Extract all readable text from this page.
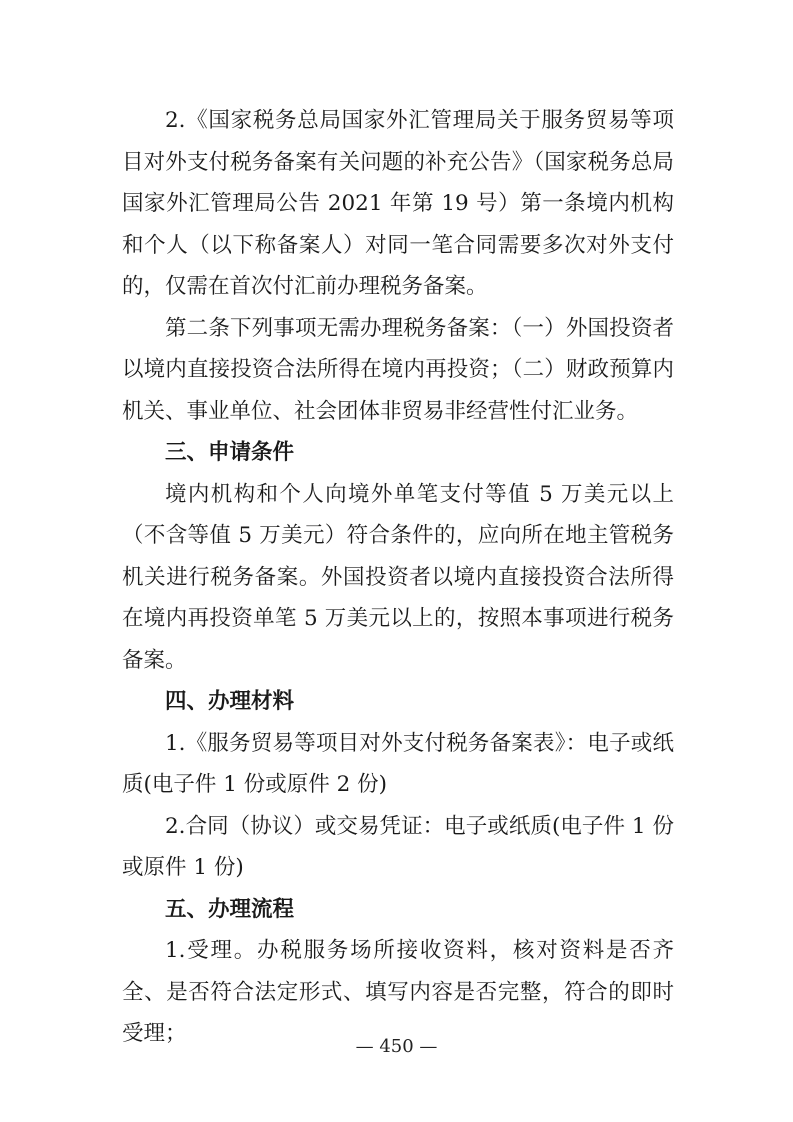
2.《国家税务总局国家外汇管理局关于服务贸易等项目对外支付税务备案有关问题的补充公告》（国家税务总局国家外汇管理局公告 2021 年第 19 号）第一条境内机构和个人（以下称备案人）对同一笔合同需要多次对外支付的，仅需在首次付汇前办理税务备案。

第二条下列事项无需办理税务备案：（一）外国投资者以境内直接投资合法所得在境内再投资；（二）财政预算内机关、事业单位、社会团体非贸易非经营性付汇业务。

三、申请条件

境内机构和个人向境外单笔支付等值 5 万美元以上（不含等值 5 万美元）符合条件的，应向所在地主管税务机关进行税务备案。外国投资者以境内直接投资合法所得在境内再投资单笔 5 万美元以上的，按照本事项进行税务备案。

四、办理材料

1.《服务贸易等项目对外支付税务备案表》：电子或纸质(电子件 1 份或原件 2 份)

2.合同（协议）或交易凭证：电子或纸质(电子件 1 份或原件 1 份)

五、办理流程

1.受理。办税服务场所接收资料，核对资料是否齐全、是否符合法定形式、填写内容是否完整，符合的即时受理；

— 450 —
